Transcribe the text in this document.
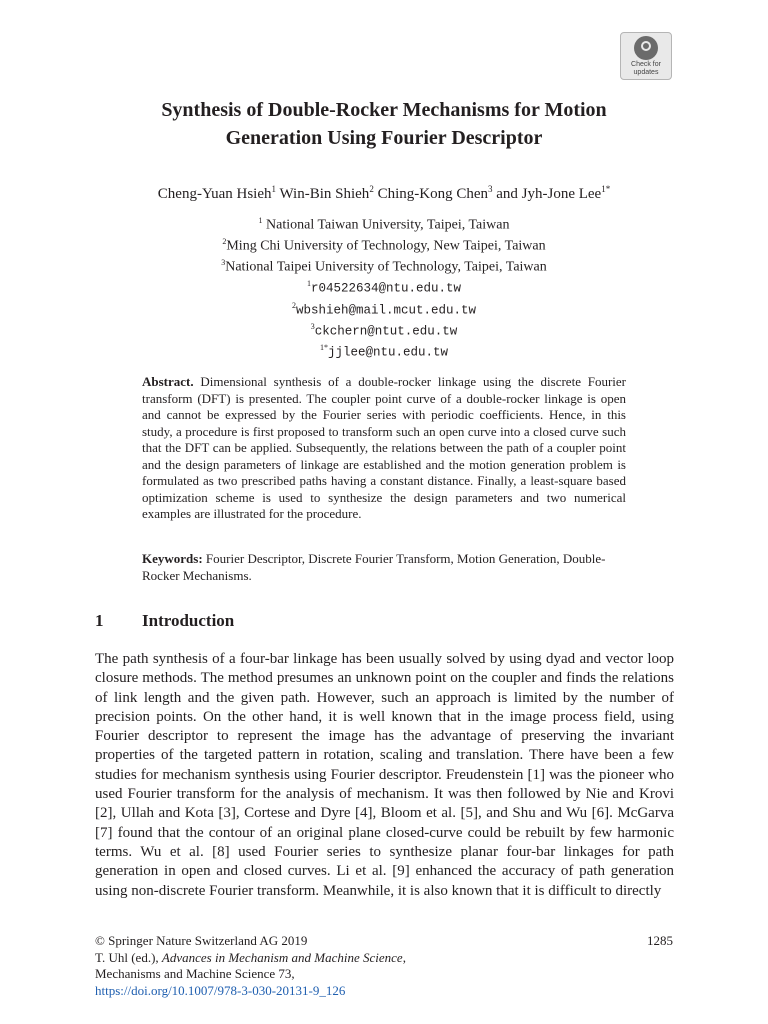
Check for
updates
Synthesis of Double-Rocker Mechanisms for Motion
Generation Using Fourier Descriptor
Cheng-Yuan Hsieh$^1$ Win-Bin Shieh$^2$ Ching-Kong Chen$^3$ and Jyh-Jone Lee$^{1*}$
$^1$ National Taiwan University, Taipei, Taiwan
$^2$Ming Chi University of Technology, New Taipei, Taiwan
$^3$National Taipei University of Technology, Taipei, Taiwan
$^1$r04522634@ntu.edu.tw
$^2$wbshieh@mail.mcut.edu.tw
$^3$ckchern@ntut.edu.tw
$^{1*}$jjlee@ntu.edu.tw
Abstract. Dimensional synthesis of a double-rocker linkage using the discrete Fourier transform (DFT) is presented. The coupler point curve of a double-rocker linkage is open and cannot be expressed by the Fourier series with periodic coefficients. Hence, in this study, a procedure is first proposed to transform such an open curve into a closed curve such that the DFT can be applied. Subsequently, the relations between the path of a coupler point and the design parameters of linkage are established and the motion generation problem is formulated as two prescribed paths having a constant distance. Finally, a least-square based optimization scheme is used to synthesize the design parameters and two numerical examples are illustrated for the procedure.
Keywords: Fourier Descriptor, Discrete Fourier Transform, Motion Generation, Double-Rocker Mechanisms.
1 Introduction

The path synthesis of a four-bar linkage has been usually solved by using dyad and vector loop closure methods. The method presumes an unknown point on the coupler and finds the relations of link length and the given path. However, such an approach is limited by the number of precision points. On the other hand, it is well known that in the image process field, using Fourier descriptor to represent the image has the advantage of preserving the invariant properties of the targeted pattern in rotation, scaling and translation. There have been a few studies for mechanism synthesis using Fourier descriptor. Freudenstein [1] was the pioneer who used Fourier transform for the analysis of mechanism. It was then followed by Nie and Krovi [2], Ullah and Kota [3], Cortese and Dyre [4], Bloom et al. [5], and Shu and Wu [6]. McGarva [7] found that the contour of an original plane closed-curve could be rebuilt by few harmonic terms. Wu et al. [8] used Fourier series to synthesize planar four-bar linkages for path generation in open and closed curves. Li et al. [9] enhanced the accuracy of path generation using non-discrete Fourier transform. Meanwhile, it is also known that it is difficult to directly

© Springer Nature Switzerland AG 2019
T. Uhl (ed.), Advances in Mechanism and Machine Science,
Mechanisms and Machine Science 73,
https://doi.org/10.1007/978-3-030-20131-9_126
1285
